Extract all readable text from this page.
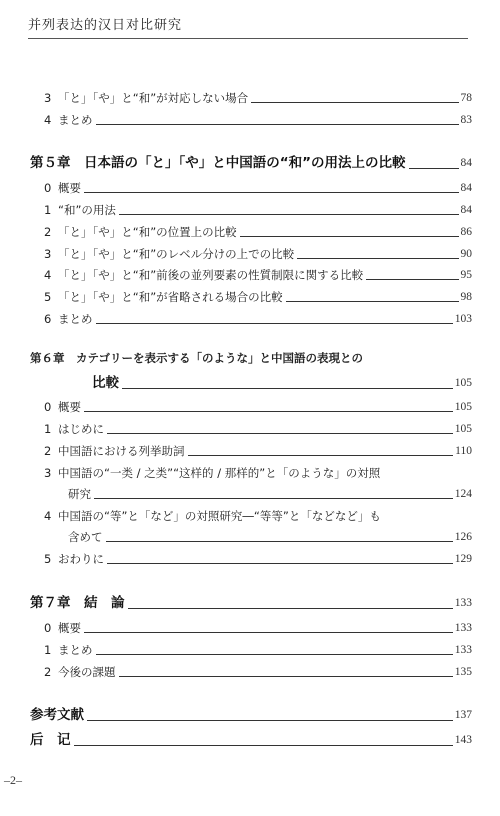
并列表达的汉日对比研究
3 「と」「や」と“和”が対応しない場合	78
4 まとめ	83
第５章　日本語の「と」「や」と中国語の“和”の用法上の比較	84
0 概要	84
1 “和”の用法	84
2 「と」「や」と“和”の位置上の比較	86
3 「と」「や」と“和”のレベル分けの上での比較	90
4 「と」「や」と“和”前後の並列要素の性質制限に関する比較	95
5 「と」「や」と“和”が省略される場合の比較	98
6 まとめ	103
第６章　カテゴリーを表示する「のような」と中国語の表現との
比較	105
0 概要	105
1 はじめに	105
2 中国語における列挙助詞	110
3 中国語の“一类 / 之类”“这样的 / 那样的”と「のような」の対照
研究	124
4 中国語の“等”と「など」の対照研究―“等等”と「などなど」も
含めて	126
5 おわりに	129
第７章　結　論	133
0 概要	133
1 まとめ	133
2 今後の課題	135
参考文献	137
后　记	143
–2–
